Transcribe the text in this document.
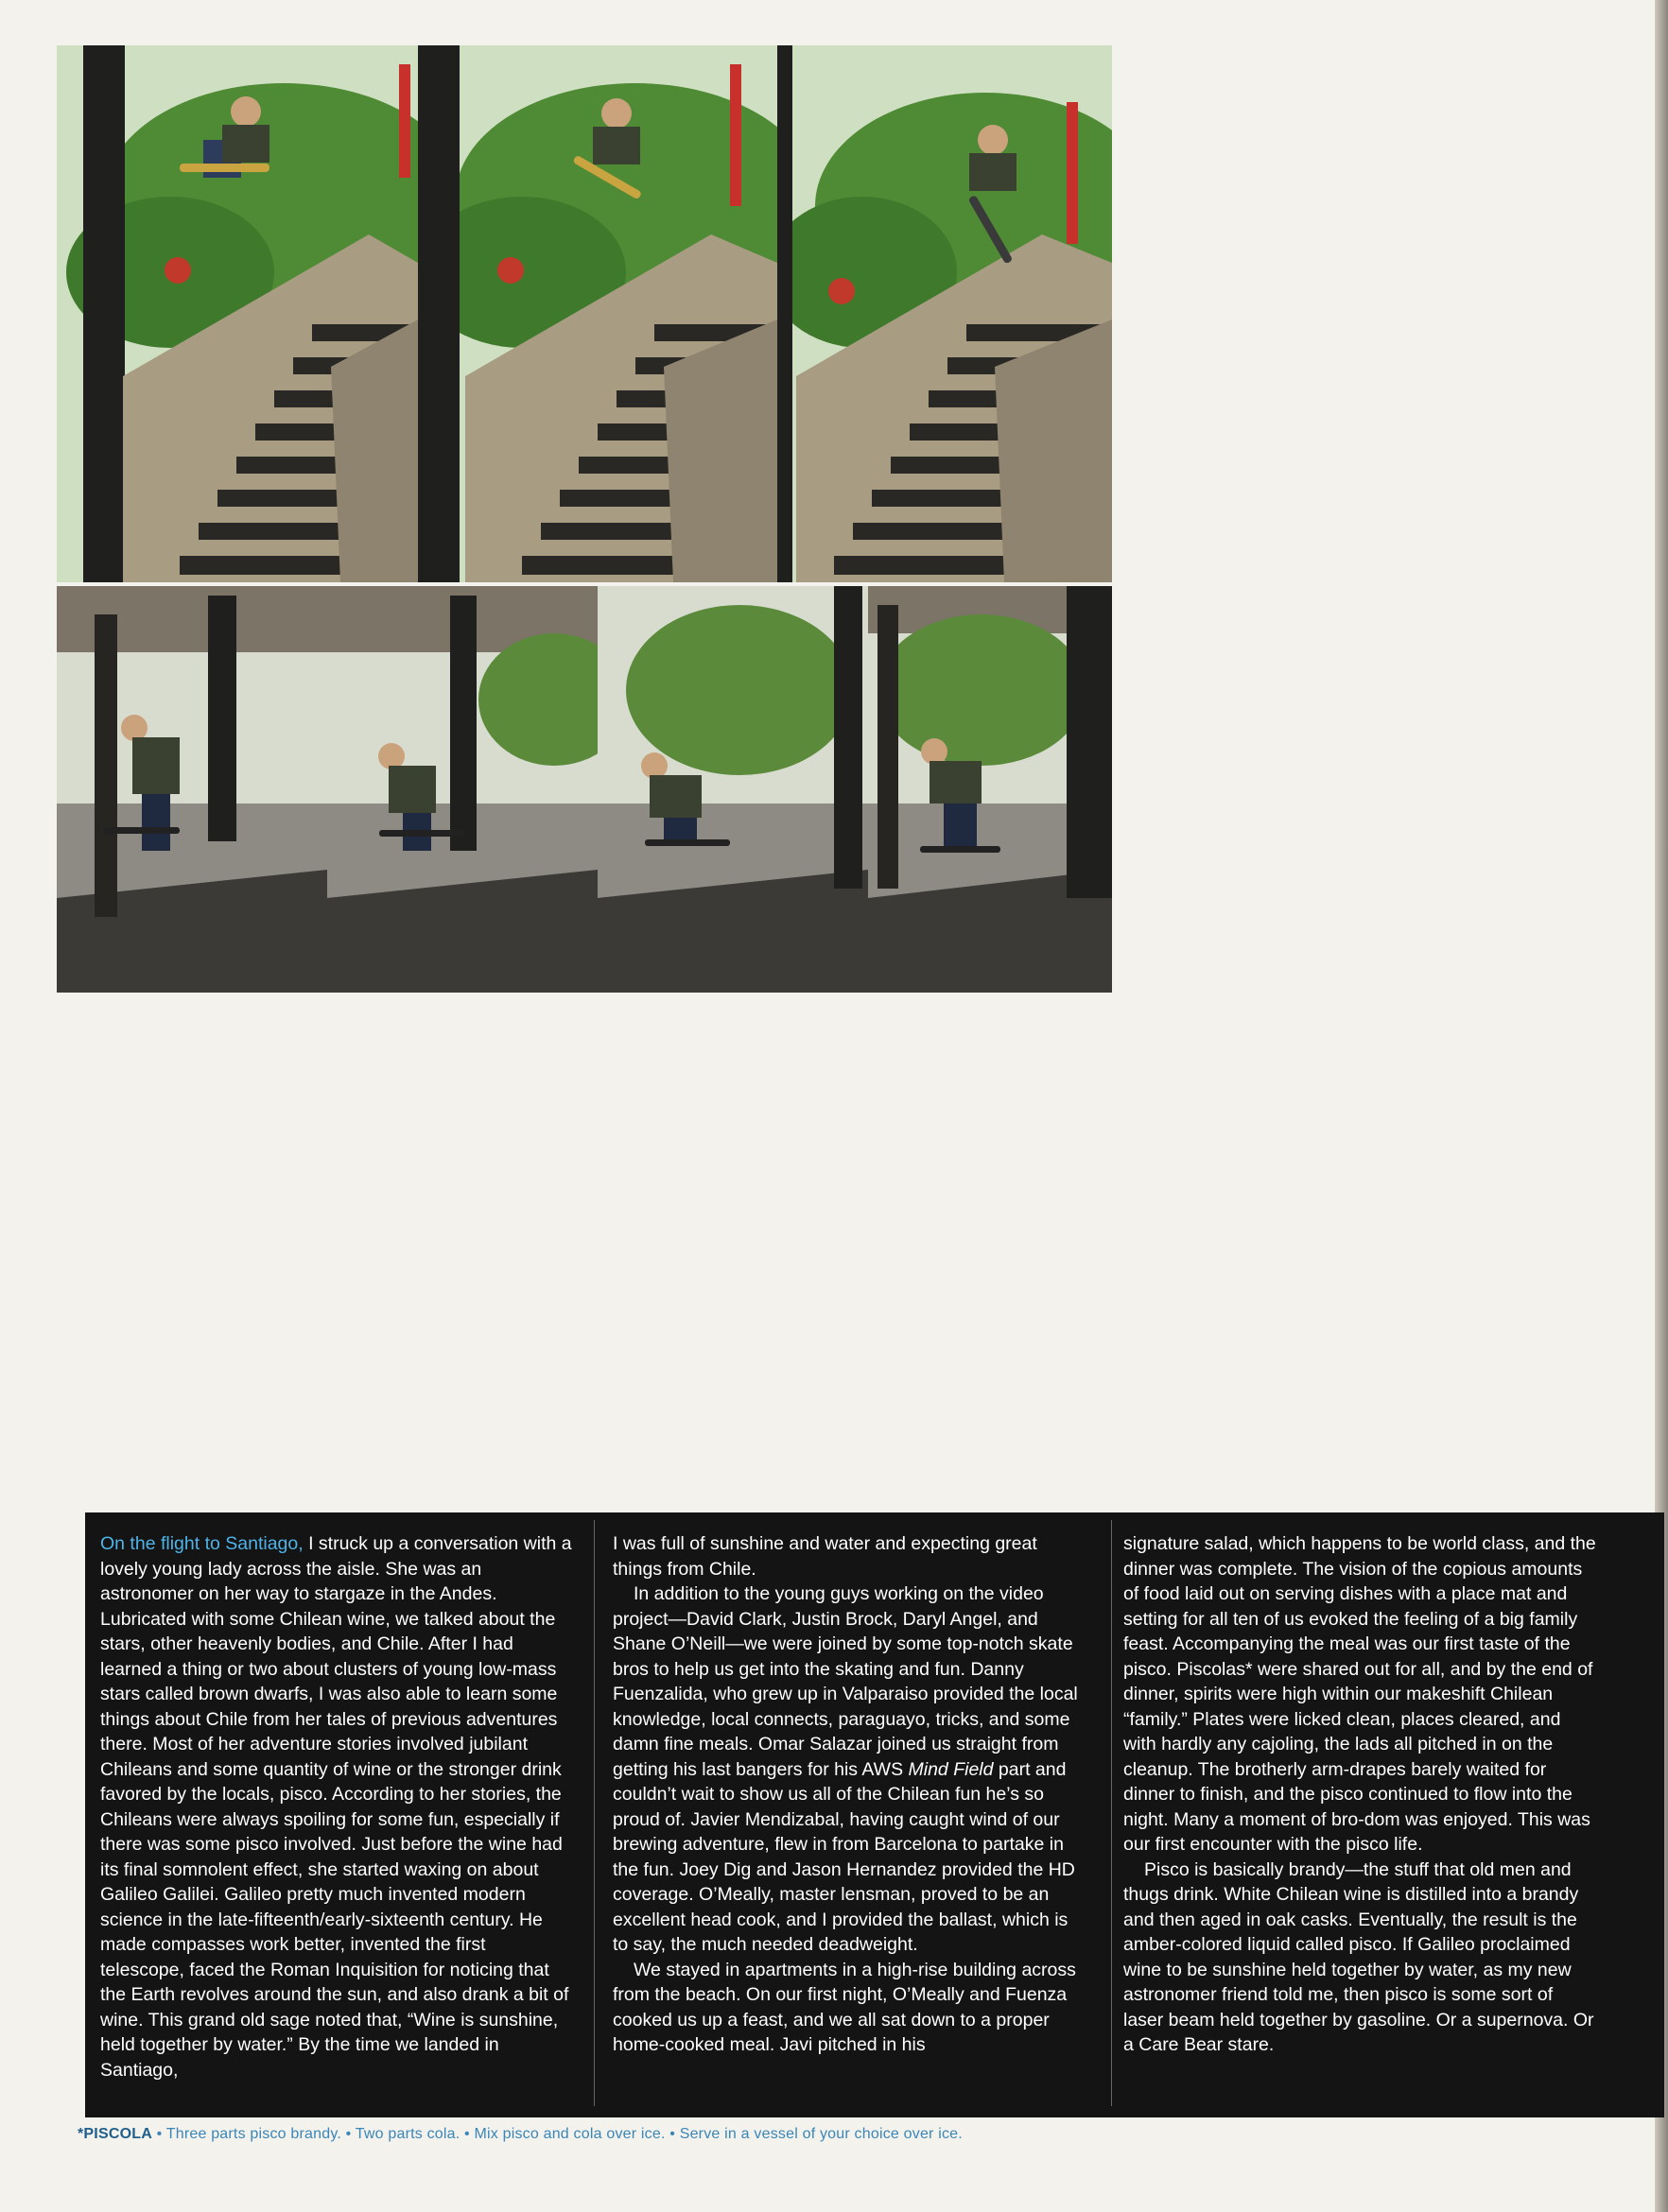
On the flight to Santiago, I struck up a conversation with a lovely young lady across the aisle. She was an astronomer on her way to stargaze in the Andes. Lubricated with some Chilean wine, we talked about the stars, other heavenly bodies, and Chile. After I had learned a thing or two about clusters of young low-mass stars called brown dwarfs, I was also able to learn some things about Chile from her tales of previous adventures there. Most of her adventure stories involved jubilant Chileans and some quantity of wine or the stronger drink favored by the locals, pisco. According to her stories, the Chileans were always spoiling for some fun, especially if there was some pisco involved. Just before the wine had its final somnolent effect, she started waxing on about Galileo Galilei. Galileo pretty much invented modern science in the late-fifteenth/early-sixteenth century. He made compasses work better, invented the first telescope, faced the Roman Inquisition for noticing that the Earth revolves around the sun, and also drank a bit of wine. This grand old sage noted that, “Wine is sunshine, held together by water.” By the time we landed in Santiago,

I was full of sunshine and water and expecting great things from Chile.

In addition to the young guys working on the video project—David Clark, Justin Brock, Daryl Angel, and Shane O’Neill—we were joined by some top-notch skate bros to help us get into the skating and fun. Danny Fuenzalida, who grew up in Valparaiso provided the local knowledge, local connects, paraguayo, tricks, and some damn fine meals. Omar Salazar joined us straight from getting his last bangers for his AWS Mind Field part and couldn’t wait to show us all of the Chilean fun he’s so proud of. Javier Mendizabal, having caught wind of our brewing adventure, flew in from Barcelona to partake in the fun. Joey Dig and Jason Hernandez provided the HD coverage. O’Meally, master lensman, proved to be an excellent head cook, and I provided the ballast, which is to say, the much needed deadweight.

We stayed in apartments in a high-rise building across from the beach. On our first night, O’Meally and Fuenza cooked us up a feast, and we all sat down to a proper home-cooked meal. Javi pitched in his

signature salad, which happens to be world class, and the dinner was complete. The vision of the copious amounts of food laid out on serving dishes with a place mat and setting for all ten of us evoked the feeling of a big family feast. Accompanying the meal was our first taste of the pisco. Piscolas* were shared out for all, and by the end of dinner, spirits were high within our makeshift Chilean “family.” Plates were licked clean, places cleared, and with hardly any cajoling, the lads all pitched in on the cleanup. The brotherly arm-drapes barely waited for dinner to finish, and the pisco continued to flow into the night. Many a moment of bro-dom was enjoyed. This was our first encounter with the pisco life.

Pisco is basically brandy—the stuff that old men and thugs drink. White Chilean wine is distilled into a brandy and then aged in oak casks. Eventually, the result is the amber-colored liquid called pisco. If Galileo proclaimed wine to be sunshine held together by water, as my new astronomer friend told me, then pisco is some sort of laser beam held together by gasoline. Or a supernova. Or a Care Bear stare.

*PISCOLA • Three parts pisco brandy. • Two parts cola. • Mix pisco and cola over ice. • Serve in a vessel of your choice over ice.
